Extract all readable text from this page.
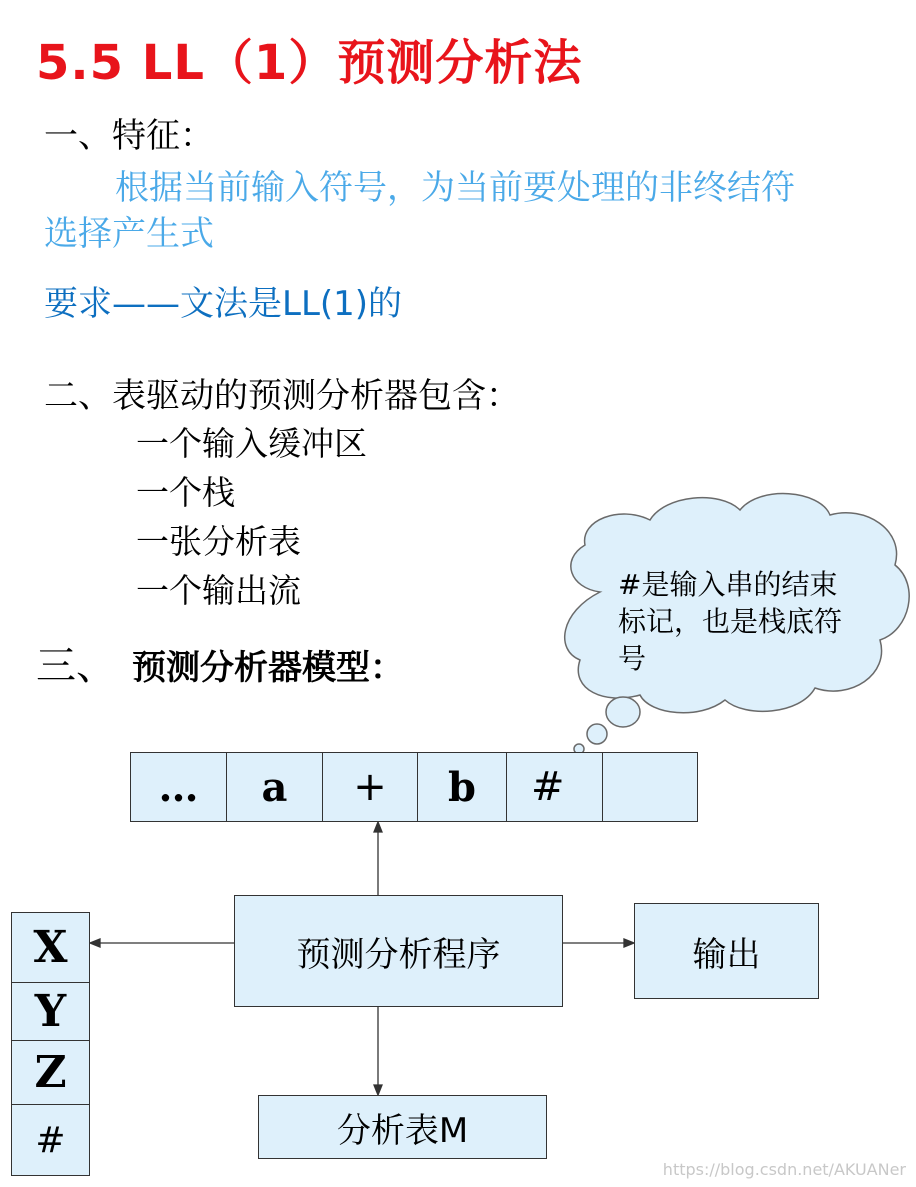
5.5 LL（1）预测分析法
一、特征：
根据当前输入符号，为当前要处理的非终结符
选择产生式
要求——文法是LL(1)的
二、表驱动的预测分析器包含：
一个输入缓冲区
一个栈
一张分析表
一个输出流
三、 预测分析器模型：
#是输入串的结束标记，也是栈底符号
…	a	+	b	#
X
Y
Z
#
预测分析程序	输出
分析表M
https://blog.csdn.net/AKUANer
